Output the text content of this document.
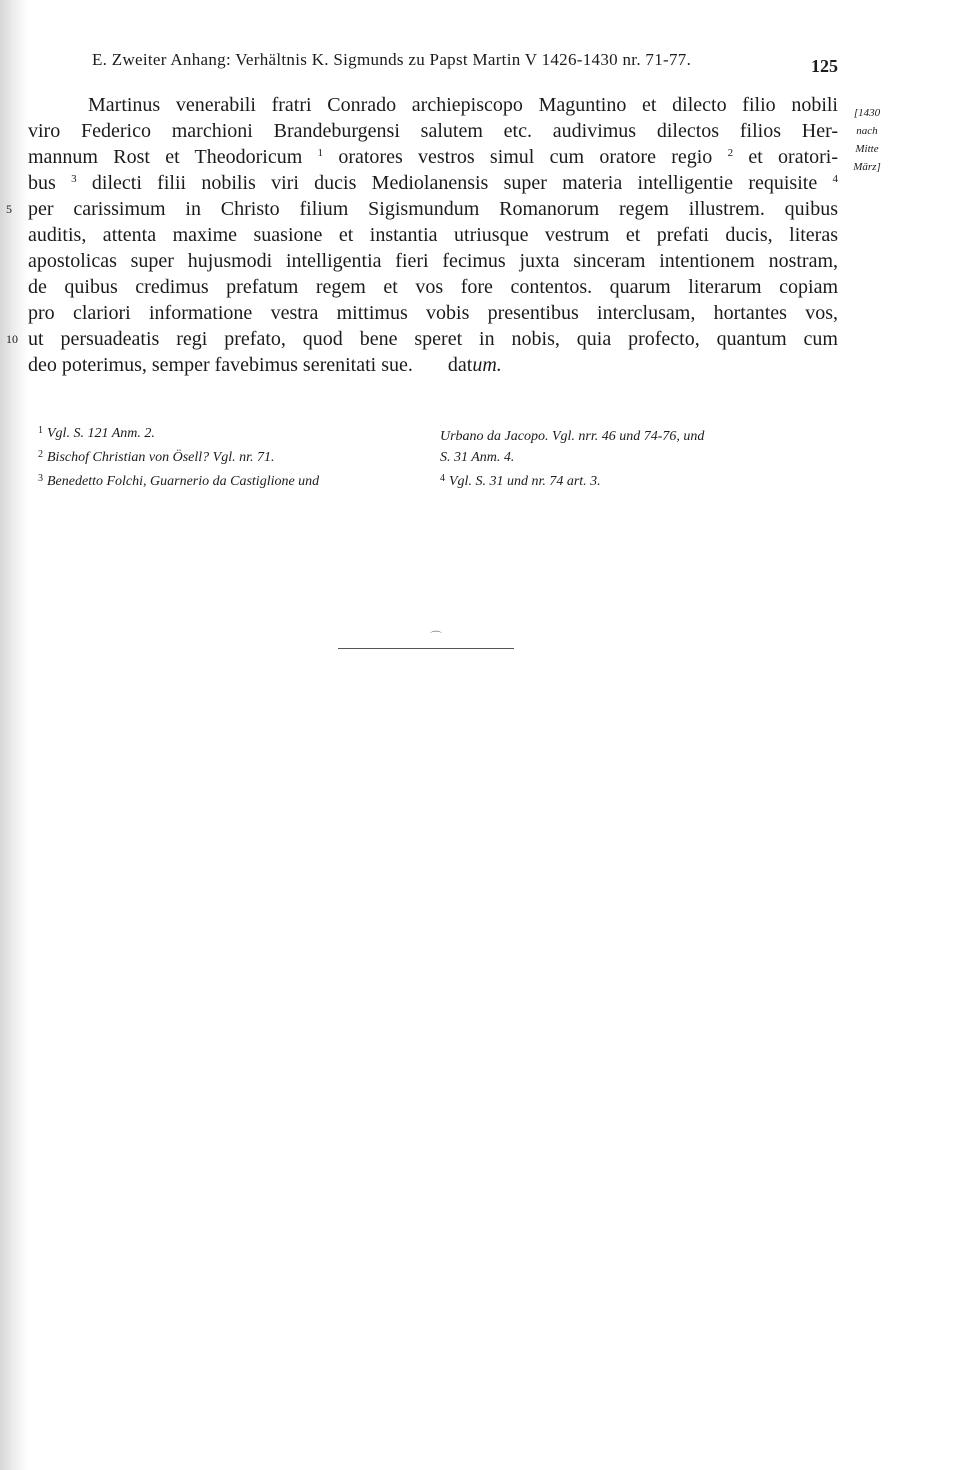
E. Zweiter Anhang: Verhältnis K. Sigmunds zu Papst Martin V 1426-1430 nr. 71-77.	125
[1430
nach
Mitte
März]
Martinus venerabili fratri Conrado archiepiscopo Maguntino et dilecto filio nobili
viro Federico marchioni Brandeburgensi salutem etc. audivimus dilectos filios Her-
mannum Rost et Theodoricum $^1$ oratores vestros simul cum oratore regio $^2$ et oratori-
bus $^3$ dilecti filii nobilis viri ducis Mediolanensis super materia intelligentie requisite $^4$
5 per carissimum in Christo filium Sigismundum Romanorum regem illustrem. quibus
auditis, attenta maxime suasione et instantia utriusque vestrum et prefati ducis, literas
apostolicas super hujusmodi intelligentia fieri fecimus juxta sinceram intentionem nostram,
de quibus credimus prefatum regem et vos fore contentos. quarum literarum copiam
pro clariori informatione vestra mittimus vobis presentibus interclusam, hortantes vos,
10 ut persuadeatis regi prefato, quod bene speret in nobis, quia profecto, quantum cum
deo poterimus, semper favebimus serenitati sue. datum.
$^1$ Vgl. S. 121 Anm. 2.
$^2$ Bischof Christian von Ösell? Vgl. nr. 71.
$^3$ Benedetto Folchi, Guarnerio da Castiglione und
Urbano da Jacopo. Vgl. nrr. 46 und 74-76, und
S. 31 Anm. 4.
$^4$ Vgl. S. 31 und nr. 74 art. 3.
⌒
